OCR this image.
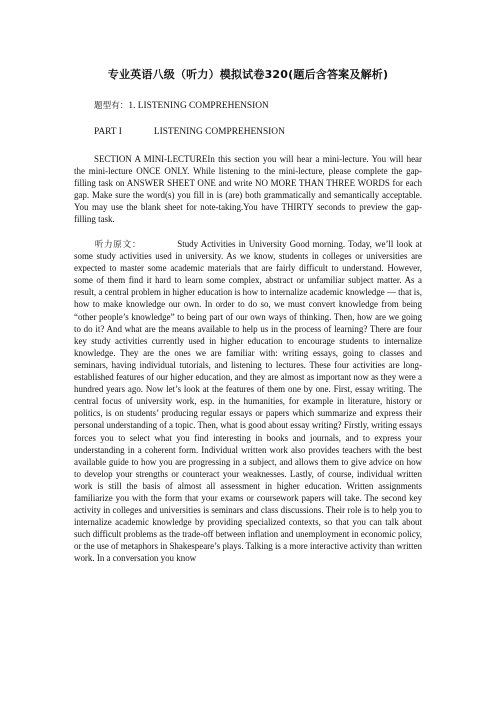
专业英语八级（听力）模拟试卷320(题后含答案及解析)
题型有：1. LISTENING COMPREHENSION
PART I	LISTENING COMPREHENSION

SECTION A MINI-LECTUREIn this section you will hear a mini-lecture. You will hear the mini-lecture ONCE ONLY. While listening to the mini-lecture, please complete the gap-filling task on ANSWER SHEET ONE and write NO MORE THAN THREE WORDS for each gap. Make sure the word(s) you fill in is (are) both grammatically and semantically acceptable. You may use the blank sheet for note-taking.You have THIRTY seconds to preview the gap-filling task.

听力原文：	Study Activities in University Good morning. Today, we’ll look at some study activities used in university. As we know, students in colleges or universities are expected to master some academic materials that are fairly difficult to understand. However, some of them find it hard to learn some complex, abstract or unfamiliar subject matter. As a result, a central problem in higher education is how to internalize academic knowledge — that is, how to make knowledge our own. In order to do so, we must convert knowledge from being “other people’s knowledge” to being part of our own ways of thinking. Then, how are we going to do it? And what are the means available to help us in the process of learning? There are four key study activities currently used in higher education to encourage students to internalize knowledge. They are the ones we are familiar with: writing essays, going to classes and seminars, having individual tutorials, and listening to lectures. These four activities are long-established features of our higher education, and they are almost as important now as they were a hundred years ago. Now let’s look at the features of them one by one. First, essay writing. The central focus of university work, esp. in the humanities, for example in literature, history or politics, is on students’ producing regular essays or papers which summarize and express their personal understanding of a topic. Then, what is good about essay writing? Firstly, writing essays forces you to select what you find interesting in books and journals, and to express your understanding in a coherent form. Individual written work also provides teachers with the best available guide to how you are progressing in a subject, and allows them to give advice on how to develop your strengths or counteract your weaknesses. Lastly, of course, individual written work is still the basis of almost all assessment in higher education. Written assignments familiarize you with the form that your exams or coursework papers will take. The second key activity in colleges and universities is seminars and class discussions. Their role is to help you to internalize academic knowledge by providing specialized contexts, so that you can talk about such difficult problems as the trade-off between inflation and unemployment in economic policy, or the use of metaphors in Shakespeare’s plays. Talking is a more interactive activity than written work. In a conversation you know
